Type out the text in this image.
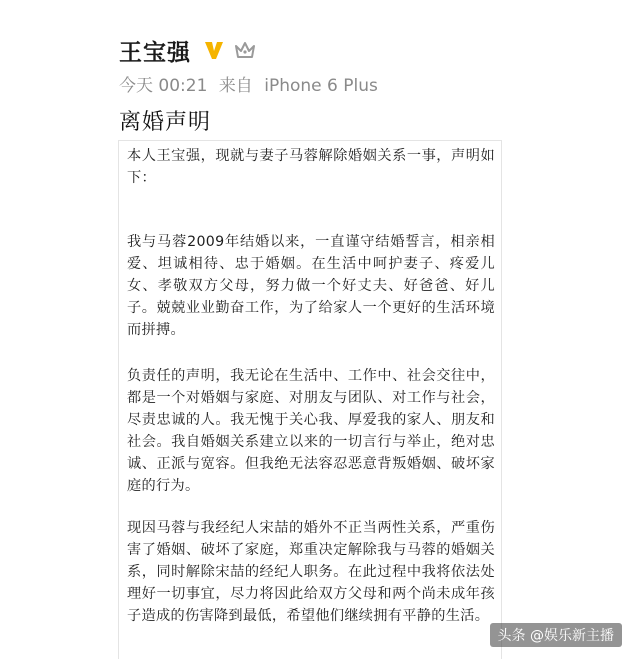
王宝强
今天 00:21 来自 iPhone 6 Plus
离婚声明
本人王宝强，现就与妻子马蓉解除婚姻关系一事，声明如下：
我与马蓉2009年结婚以来，一直谨守结婚誓言，相亲相爱、坦诚相待、忠于婚姻。在生活中呵护妻子、疼爱儿女、孝敬双方父母，努力做一个好丈夫、好爸爸、好儿子。兢兢业业勤奋工作，为了给家人一个更好的生活环境而拼搏。
负责任的声明，我无论在生活中、工作中、社会交往中，都是一个对婚姻与家庭、对朋友与团队、对工作与社会，尽责忠诚的人。我无愧于关心我、厚爱我的家人、朋友和社会。我自婚姻关系建立以来的一切言行与举止，绝对忠诚、正派与宽容。但我绝无法容忍恶意背叛婚姻、破坏家庭的行为。
现因马蓉与我经纪人宋喆的婚外不正当两性关系，严重伤害了婚姻、破坏了家庭，郑重决定解除我与马蓉的婚姻关系，同时解除宋喆的经纪人职务。在此过程中我将依法处理好一切事宜，尽力将因此给双方父母和两个尚未成年孩子造成的伤害降到最低，希望他们继续拥有平静的生活。
头条 @娱乐新主播
